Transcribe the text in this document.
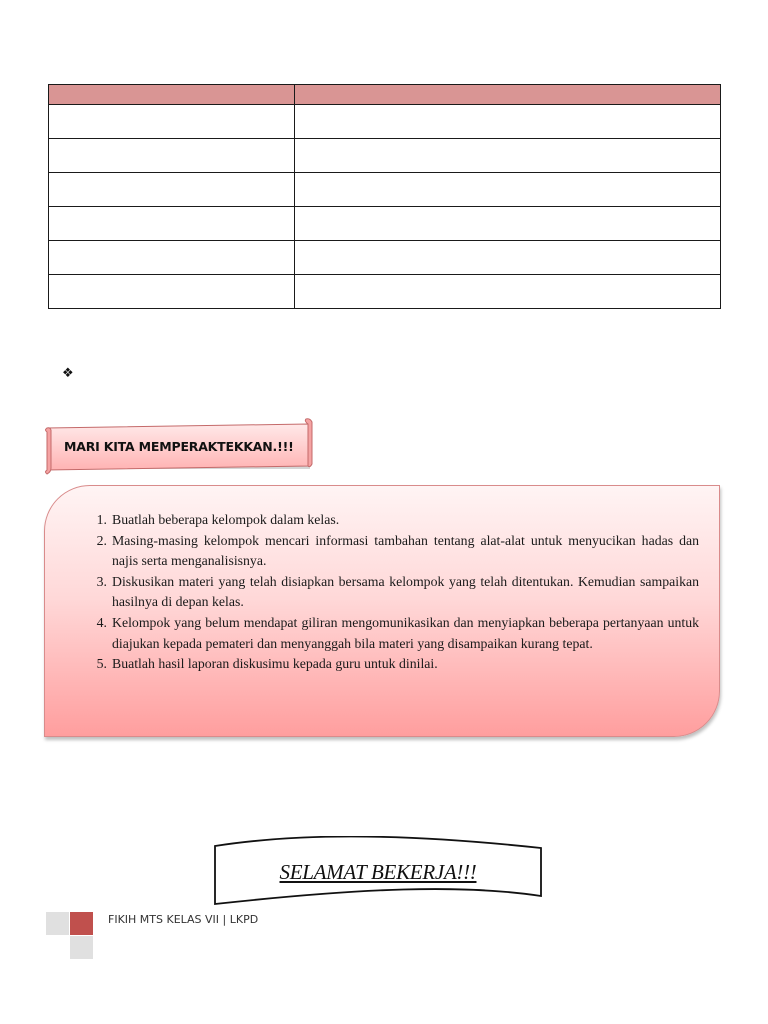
❖
MARI KITA MEMPERAKTEKKAN.!!!
1. Buatlah beberapa kelompok dalam kelas.
2. Masing-masing kelompok mencari informasi tambahan tentang alat-alat untuk menyucikan hadas dan najis serta menganalisisnya.
3. Diskusikan materi yang telah disiapkan bersama kelompok yang telah ditentukan. Kemudian sampaikan hasilnya di depan kelas.
4. Kelompok yang belum mendapat giliran mengomunikasikan dan menyiapkan beberapa pertanyaan untuk diajukan kepada pemateri dan menyanggah bila materi yang disampaikan kurang tepat.
5. Buatlah hasil laporan diskusimu kepada guru untuk dinilai.
SELAMAT BEKERJA!!!
FIKIH MTS KELAS VII | LKPD
